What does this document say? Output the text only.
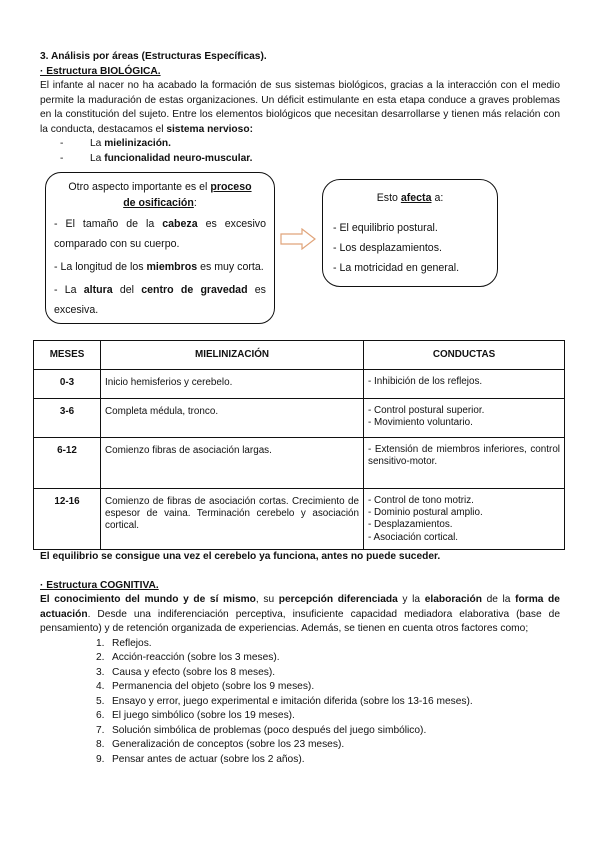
3. Análisis por áreas (Estructuras Específicas).
· Estructura BIOLÓGICA.
El infante al nacer no ha acabado la formación de sus sistemas biológicos, gracias a la interacción con el medio permite la maduración de estas organizaciones. Un déficit estimulante en esta etapa conduce a graves problemas en la constitución del sujeto. Entre los elementos biológicos que necesitan desarrollarse y tienen más relación con la conducta, destacamos el sistema nervioso:
- La mielinización.
- La funcionalidad neuro-muscular.
Otro aspecto importante es el proceso
de osificación:

- El tamaño de la cabeza es excesivo comparado con su cuerpo.

- La longitud de los miembros es muy corta.

- La altura del centro de gravedad es excesiva.

Esto afecta a:
- El equilibrio postural.
- Los desplazamientos.
- La motricidad en general.
MESES	MIELINIZACIÓN	CONDUCTAS
0-3	Inicio hemisferios y cerebelo.	- Inhibición de los reflejos.

3-6	Completa médula, tronco.	- Control postural superior.
- Movimiento voluntario.

6-12	Comienzo fibras de asociación largas.	- Extensión de miembros inferiores, control sensitivo-motor.

12-16	Comienzo de fibras de asociación cortas. Crecimiento de espesor de vaina. Terminación cerebelo y asociación cortical.	- Control de tono motriz.
- Dominio postural amplio.
- Desplazamientos.
- Asociación cortical.
El equilibrio se consigue una vez el cerebelo ya funciona, antes no puede suceder.
· Estructura COGNITIVA.
El conocimiento del mundo y de sí mismo, su percepción diferenciada y la elaboración de la forma de actuación. Desde una indiferenciación perceptiva, insuficiente capacidad mediadora elaborativa (base de pensamiento) y de retención organizada de experiencias. Además, se tienen en cuenta otros factores como;
1. Reflejos.
2. Acción-reacción (sobre los 3 meses).
3. Causa y efecto (sobre los 8 meses).
4. Permanencia del objeto (sobre los 9 meses).
5. Ensayo y error, juego experimental e imitación diferida (sobre los 13-16 meses).
6. El juego simbólico (sobre los 19 meses).
7. Solución simbólica de problemas (poco después del juego simbólico).
8. Generalización de conceptos (sobre los 23 meses).
9. Pensar antes de actuar (sobre los 2 años).
